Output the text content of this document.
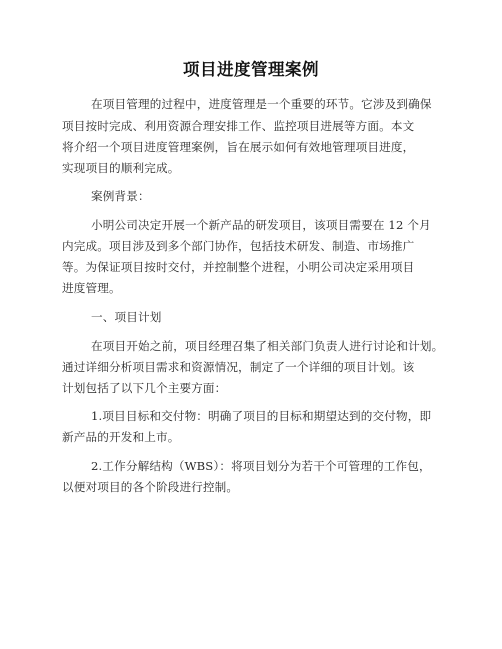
项目进度管理案例
在项目管理的过程中，进度管理是一个重要的环节。它涉及到确保
项目按时完成、利用资源合理安排工作、监控项目进展等方面。本文
将介绍一个项目进度管理案例，旨在展示如何有效地管理项目进度，
实现项目的顺利完成。
案例背景：
小明公司决定开展一个新产品的研发项目，该项目需要在 12 个月
内完成。项目涉及到多个部门协作，包括技术研发、制造、市场推广
等。为保证项目按时交付，并控制整个进程，小明公司决定采用项目
进度管理。
一、项目计划
在项目开始之前，项目经理召集了相关部门负责人进行讨论和计划。
通过详细分析项目需求和资源情况，制定了一个详细的项目计划。该
计划包括了以下几个主要方面：
1.项目目标和交付物：明确了项目的目标和期望达到的交付物，即
新产品的开发和上市。
2.工作分解结构（WBS）：将项目划分为若干个可管理的工作包，
以便对项目的各个阶段进行控制。
